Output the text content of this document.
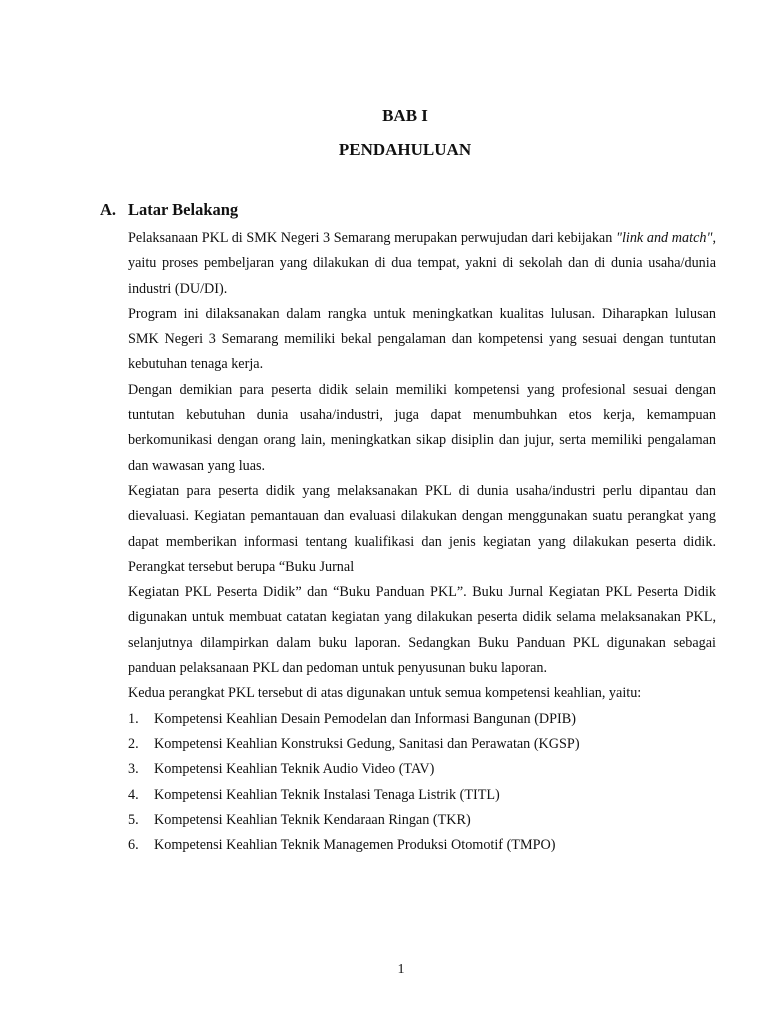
BAB I
PENDAHULUAN
A. Latar Belakang

Pelaksanaan PKL di SMK Negeri 3 Semarang merupakan perwujudan dari kebijakan "link and match", yaitu proses pembeljaran yang dilakukan di dua tempat, yakni di sekolah dan di dunia usaha/dunia industri (DU/DI).

Program ini dilaksanakan dalam rangka untuk meningkatkan kualitas lulusan. Diharapkan lulusan SMK Negeri 3 Semarang memiliki bekal pengalaman dan kompetensi yang sesuai dengan tuntutan kebutuhan tenaga kerja.

Dengan demikian para peserta didik selain memiliki kompetensi yang profesional sesuai dengan tuntutan kebutuhan dunia usaha/industri, juga dapat menumbuhkan etos kerja, kemampuan berkomunikasi dengan orang lain, meningkatkan sikap disiplin dan jujur, serta memiliki pengalaman dan wawasan yang luas.

Kegiatan para peserta didik yang melaksanakan PKL di dunia usaha/industri perlu dipantau dan dievaluasi. Kegiatan pemantauan dan evaluasi dilakukan dengan menggunakan suatu perangkat yang dapat memberikan informasi tentang kualifikasi dan jenis kegiatan yang dilakukan peserta didik. Perangkat tersebut berupa “Buku Jurnal

Kegiatan PKL Peserta Didik” dan “Buku Panduan PKL”. Buku Jurnal Kegiatan PKL Peserta Didik digunakan untuk membuat catatan kegiatan yang dilakukan peserta didik selama melaksanakan PKL, selanjutnya dilampirkan dalam buku laporan. Sedangkan Buku Panduan PKL digunakan sebagai panduan pelaksanaan PKL dan pedoman untuk penyusunan buku laporan.

Kedua perangkat PKL tersebut di atas digunakan untuk semua kompetensi keahlian, yaitu:

1.	Kompetensi Keahlian Desain Pemodelan dan Informasi Bangunan (DPIB)
2.	Kompetensi Keahlian Konstruksi Gedung, Sanitasi dan Perawatan (KGSP)
3.	Kompetensi Keahlian Teknik Audio Video (TAV)
4.	Kompetensi Keahlian Teknik Instalasi Tenaga Listrik (TITL)
5.	Kompetensi Keahlian Teknik Kendaraan Ringan (TKR)
6.	Kompetensi Keahlian Teknik Managemen Produksi Otomotif (TMPO)
1
